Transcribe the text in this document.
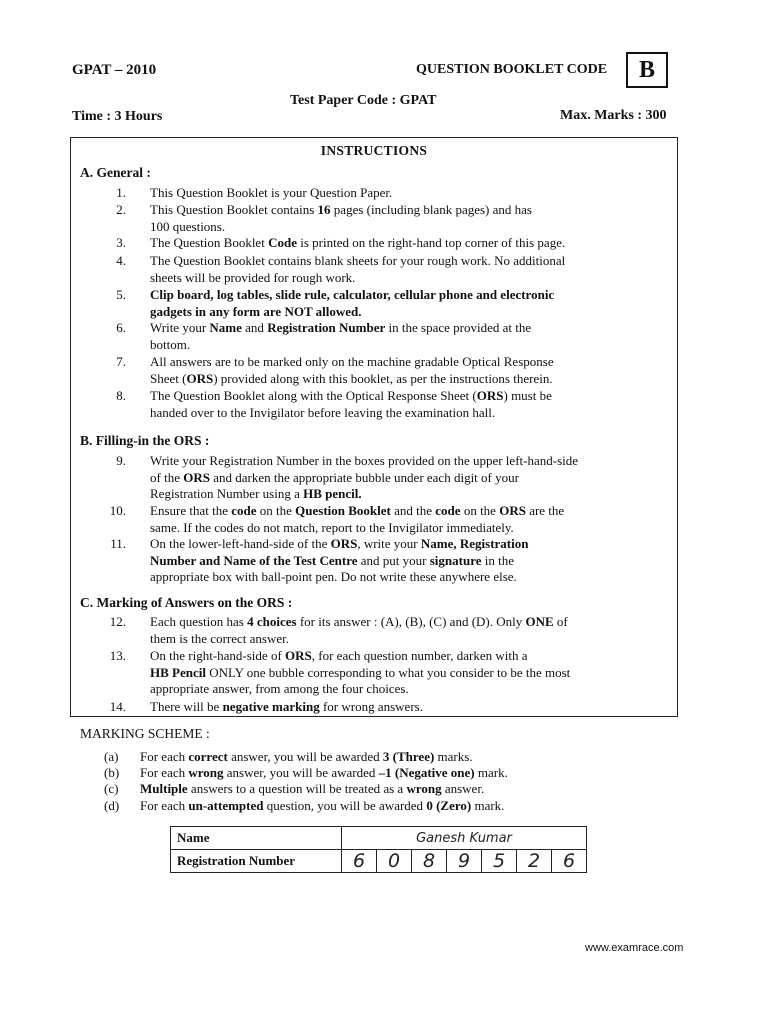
GPAT – 2010	QUESTION BOOKLET CODE	B
Test Paper Code : GPAT
Time : 3 Hours	Max. Marks : 300
INSTRUCTIONS
A. General :
1. This Question Booklet is your Question Paper.
2. This Question Booklet contains 16 pages (including blank pages) and has
100 questions.
3. The Question Booklet Code is printed on the right-hand top corner of this page.
4. The Question Booklet contains blank sheets for your rough work. No additional
sheets will be provided for rough work.
5. Clip board, log tables, slide rule, calculator, cellular phone and electronic
gadgets in any form are NOT allowed.
6. Write your Name and Registration Number in the space provided at the
bottom.
7. All answers are to be marked only on the machine gradable Optical Response
Sheet (ORS) provided along with this booklet, as per the instructions therein.
8. The Question Booklet along with the Optical Response Sheet (ORS) must be
handed over to the Invigilator before leaving the examination hall.
B. Filling-in the ORS :
9. Write your Registration Number in the boxes provided on the upper left-hand-side
of the ORS and darken the appropriate bubble under each digit of your
Registration Number using a HB pencil.
10. Ensure that the code on the Question Booklet and the code on the ORS are the
same. If the codes do not match, report to the Invigilator immediately.
11. On the lower-left-hand-side of the ORS, write your Name, Registration
Number and Name of the Test Centre and put your signature in the
appropriate box with ball-point pen. Do not write these anywhere else.
C. Marking of Answers on the ORS :
12. Each question has 4 choices for its answer : (A), (B), (C) and (D). Only ONE of
them is the correct answer.
13. On the right-hand-side of ORS, for each question number, darken with a
HB Pencil ONLY one bubble corresponding to what you consider to be the most
appropriate answer, from among the four choices.
14. There will be negative marking for wrong answers.
MARKING SCHEME :
(a) For each correct answer, you will be awarded 3 (Three) marks.
(b) For each wrong answer, you will be awarded –1 (Negative one) mark.
(c) Multiple answers to a question will be treated as a wrong answer.
(d) For each un-attempted question, you will be awarded 0 (Zero) mark.
Name	Ganesh Kumar						
Registration Number	6	0	8	9	5	2	6
www.examrace.com
